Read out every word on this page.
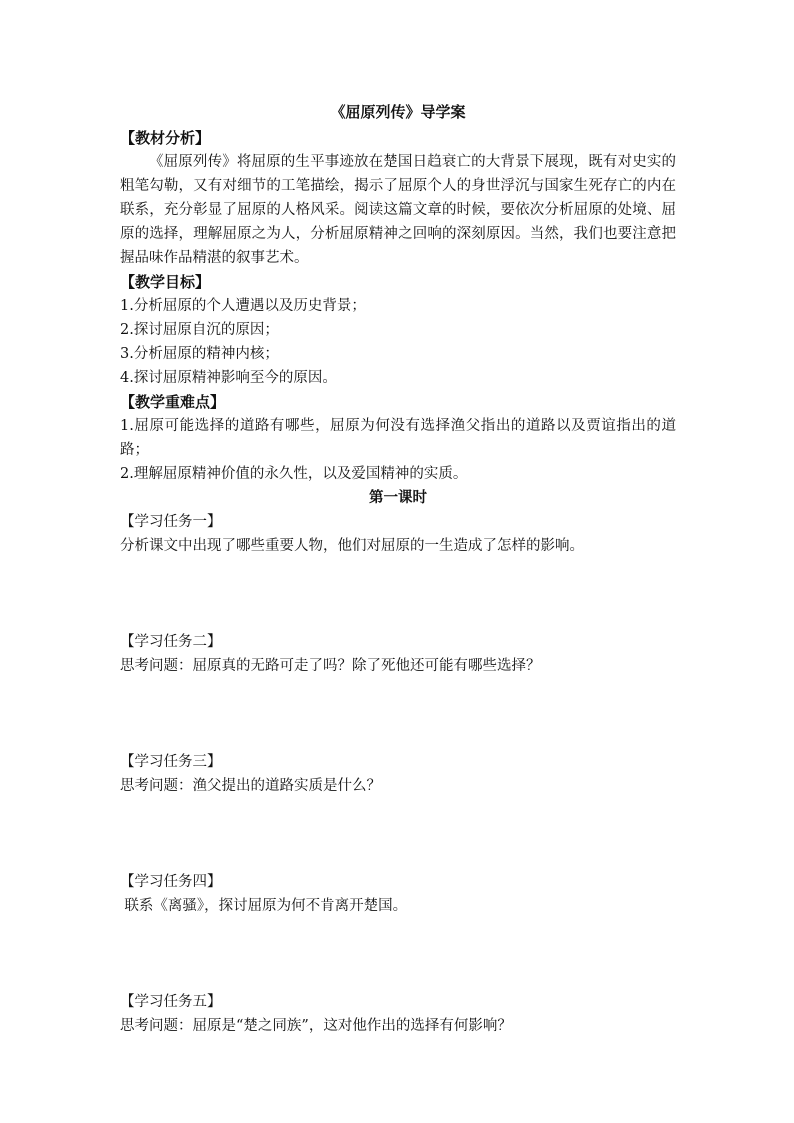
《屈原列传》导学案

【教材分析】

《屈原列传》将屈原的生平事迹放在楚国日趋衰亡的大背景下展现，既有对史实的粗笔勾勒，又有对细节的工笔描绘，揭示了屈原个人的身世浮沉与国家生死存亡的内在联系，充分彰显了屈原的人格风采。阅读这篇文章的时候，要依次分析屈原的处境、屈原的选择，理解屈原之为人，分析屈原精神之回响的深刻原因。当然，我们也要注意把握品味作品精湛的叙事艺术。

【教学目标】

1.分析屈原的个人遭遇以及历史背景；

2.探讨屈原自沉的原因；

3.分析屈原的精神内核；

4.探讨屈原精神影响至今的原因。

【教学重难点】

1.屈原可能选择的道路有哪些，屈原为何没有选择渔父指出的道路以及贾谊指出的道路；

2.理解屈原精神价值的永久性，以及爱国精神的实质。

第一课时

【学习任务一】

分析课文中出现了哪些重要人物，他们对屈原的一生造成了怎样的影响。

【学习任务二】

思考问题：屈原真的无路可走了吗？除了死他还可能有哪些选择？

【学习任务三】

思考问题：渔父提出的道路实质是什么？

【学习任务四】

联系《离骚》，探讨屈原为何不肯离开楚国。

【学习任务五】

思考问题：屈原是“楚之同族”，这对他作出的选择有何影响？
